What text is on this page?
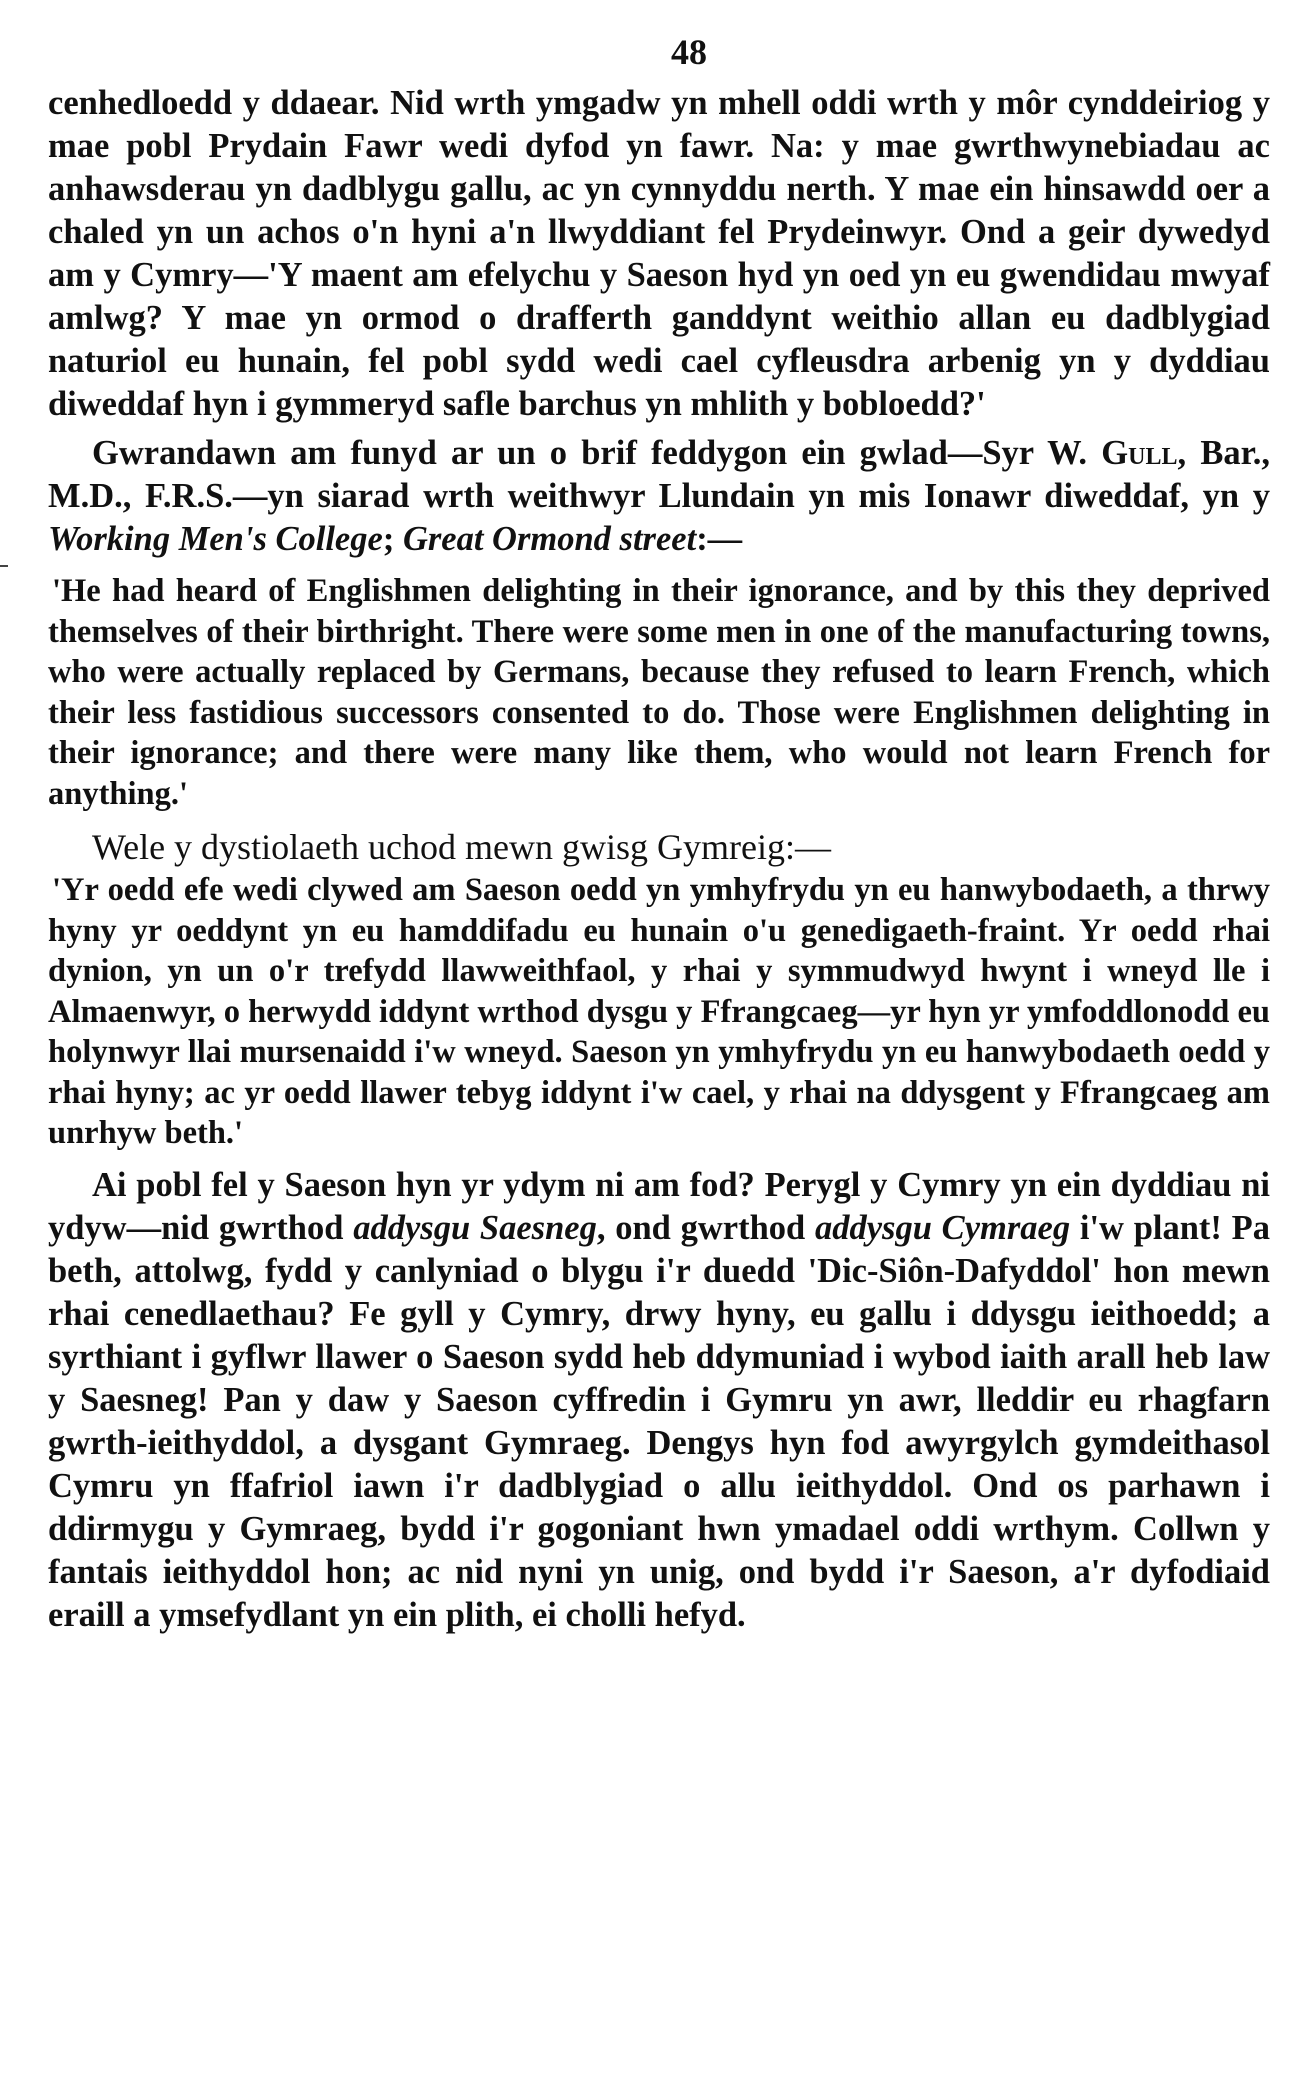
48

cenhedloedd y ddaear. Nid wrth ymgadw yn mhell oddi wrth y môr cynddeiriog y mae pobl Prydain Fawr wedi dyfod yn fawr. Na: y mae gwrthwynebiadau ac anhawsderau yn dadblygu gallu, ac yn cynnyddu nerth. Y mae ein hinsawdd oer a chaled yn un achos o'n hyni a'n llwyddiant fel Prydeinwyr. Ond a geir dywedyd am y Cymry—'Y maent am efelychu y Saeson hyd yn oed yn eu gwendidau mwyaf amlwg? Y mae yn ormod o drafferth ganddynt weithio allan eu dadblygiad naturiol eu hunain, fel pobl sydd wedi cael cyfleusdra arbenig yn y dyddiau diweddaf hyn i gymmeryd safle barchus yn mhlith y bobloedd?'

Gwrandawn am funyd ar un o brif feddygon ein gwlad—Syr W. Gull, Bar., M.D., F.R.S.—yn siarad wrth weithwyr Llundain yn mis Ionawr diweddaf, yn y Working Men's College; Great Ormond street:—

'He had heard of Englishmen delighting in their ignorance, and by this they deprived themselves of their birthright. There were some men in one of the manufacturing towns, who were actually replaced by Germans, because they refused to learn French, which their less fastidious successors consented to do. Those were Englishmen delighting in their ignorance; and there were many like them, who would not learn French for anything.'

Wele y dystiolaeth uchod mewn gwisg Gymreig:—

'Yr oedd efe wedi clywed am Saeson oedd yn ymhyfrydu yn eu hanwybodaeth, a thrwy hyny yr oeddynt yn eu hamddifadu eu hunain o'u genedigaeth-fraint. Yr oedd rhai dynion, yn un o'r trefydd llawweithfaol, y rhai y symmudwyd hwynt i wneyd lle i Almaenwyr, o herwydd iddynt wrthod dysgu y Ffrangcaeg—yr hyn yr ymfoddlonodd eu holynwyr llai mursenaidd i'w wneyd. Saeson yn ymhyfrydu yn eu hanwybodaeth oedd y rhai hyny; ac yr oedd llawer tebyg iddynt i'w cael, y rhai na ddysgent y Ffrangcaeg am unrhyw beth.'

Ai pobl fel y Saeson hyn yr ydym ni am fod? Perygl y Cymry yn ein dyddiau ni ydyw—nid gwrthod addysgu Saesneg, ond gwrthod addysgu Cymraeg i'w plant! Pa beth, attolwg, fydd y canlyniad o blygu i'r duedd 'Dic-Siôn-Dafyddol' hon mewn rhai cenedlaethau? Fe gyll y Cymry, drwy hyny, eu gallu i ddysgu ieithoedd; a syrthiant i gyflwr llawer o Saeson sydd heb ddymuniad i wybod iaith arall heb law y Saesneg! Pan y daw y Saeson cyffredin i Gymru yn awr, lleddir eu rhagfarn gwrth-ieithyddol, a dysgant Gymraeg. Dengys hyn fod awyrgylch gymdeithasol Cymru yn ffafriol iawn i'r dadblygiad o allu ieithyddol. Ond os parhawn i ddirmygu y Gymraeg, bydd i'r gogoniant hwn ymadael oddi wrthym. Collwn y fantais ieithyddol hon; ac nid nyni yn unig, ond bydd i'r Saeson, a'r dyfodiaid eraill a ymsefydlant yn ein plith, ei cholli hefyd.
